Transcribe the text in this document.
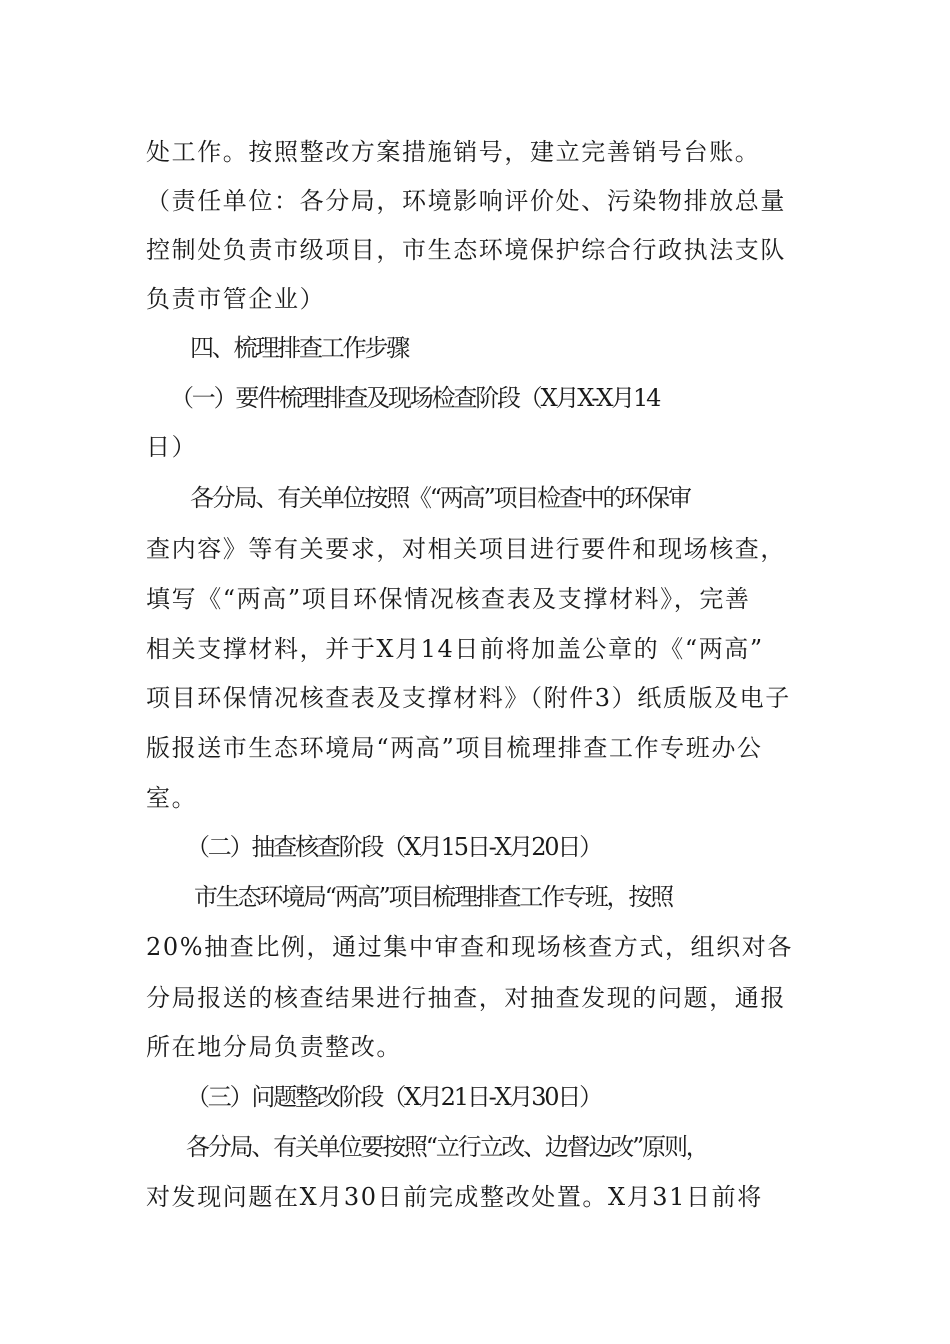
处工作。按照整改方案措施销号，建立完善销号台账。
（责任单位：各分局，环境影响评价处、污染物排放总量
控制处负责市级项目，市生态环境保护综合行政执法支队
负责市管企业）
四、梳理排查工作步骤
（一）要件梳理排查及现场检查阶段（X月X-X月14
日）
各分局、有关单位按照《“两高”项目检查中的环保审
查内容》等有关要求，对相关项目进行要件和现场核查，
填写《“两高”项目环保情况核查表及支撑材料》，完善
相关支撑材料，并于X月14日前将加盖公章的《“两高”
项目环保情况核查表及支撑材料》（附件3）纸质版及电子
版报送市生态环境局“两高”项目梳理排查工作专班办公
室。
（二）抽查核查阶段（X月15日-X月20日）
市生态环境局“两高”项目梳理排查工作专班，按照
20%抽查比例，通过集中审查和现场核查方式，组织对各
分局报送的核查结果进行抽查，对抽查发现的问题，通报
所在地分局负责整改。
（三）问题整改阶段（X月21日-X月30日）
各分局、有关单位要按照“立行立改、边督边改”原则，
对发现问题在X月30日前完成整改处置。X月31日前将
